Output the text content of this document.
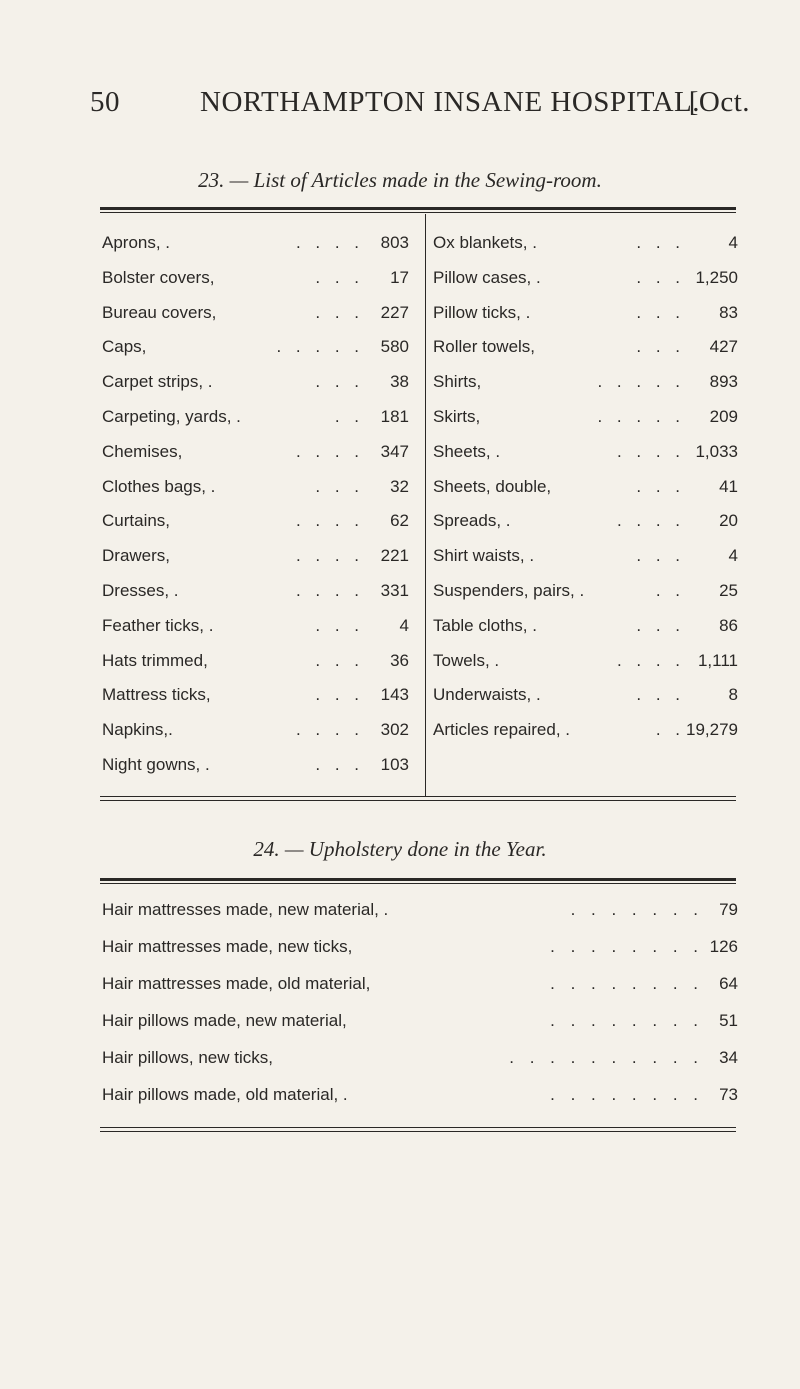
50	NORTHAMPTON INSANE HOSPITAL.
[Oct.
23. — List of Articles made in the Sewing-room.
Aprons, .	. . . . 803
Bolster covers,	. . . 17
Bureau covers,	. . . 227
Caps,	. . . . . 580
Carpet strips, .	. . . 38
Carpeting, yards, .	. . 181
Chemises,	. . . . 347
Clothes bags, .	. . . 32
Curtains,	. . . . 62
Drawers,	. . . . 221
Dresses, .	. . . . 331
Feather ticks, .	. . . 4
Hats trimmed,	. . . 36
Mattress ticks,	. . . 143
Napkins,.	. . . . 302
Night gowns, .	. . . 103
Ox blankets, .	. . .	4
Pillow cases, .	. . . 1,250
Pillow ticks, .	. . . 83
Roller towels,	. . . 427
Shirts,	. . . . . 893
Skirts,	. . . . . 209
Sheets, .	. . . . 1,033
Sheets, double,	. . . 41
Spreads, .	. . . . 20
Shirt waists, .	. . .	4
Suspenders, pairs, .	. . 25
Table cloths, .	. . . 86
Towels, .	. . . . 1,111
Underwaists, .	. . .	8
Articles repaired, .	. . 19,279
24. — Upholstery done in the Year.
Hair mattresses made, new material, .	. . . . . . . 79
Hair mattresses made, new ticks,	. . . . . . . . 126
Hair mattresses made, old material,	. . . . . . . . 64
Hair pillows made, new material,	. . . . . . . . 51
Hair pillows, new ticks,	. . . . . . . . . . 34
Hair pillows made, old material, .	. . . . . . . . 73
